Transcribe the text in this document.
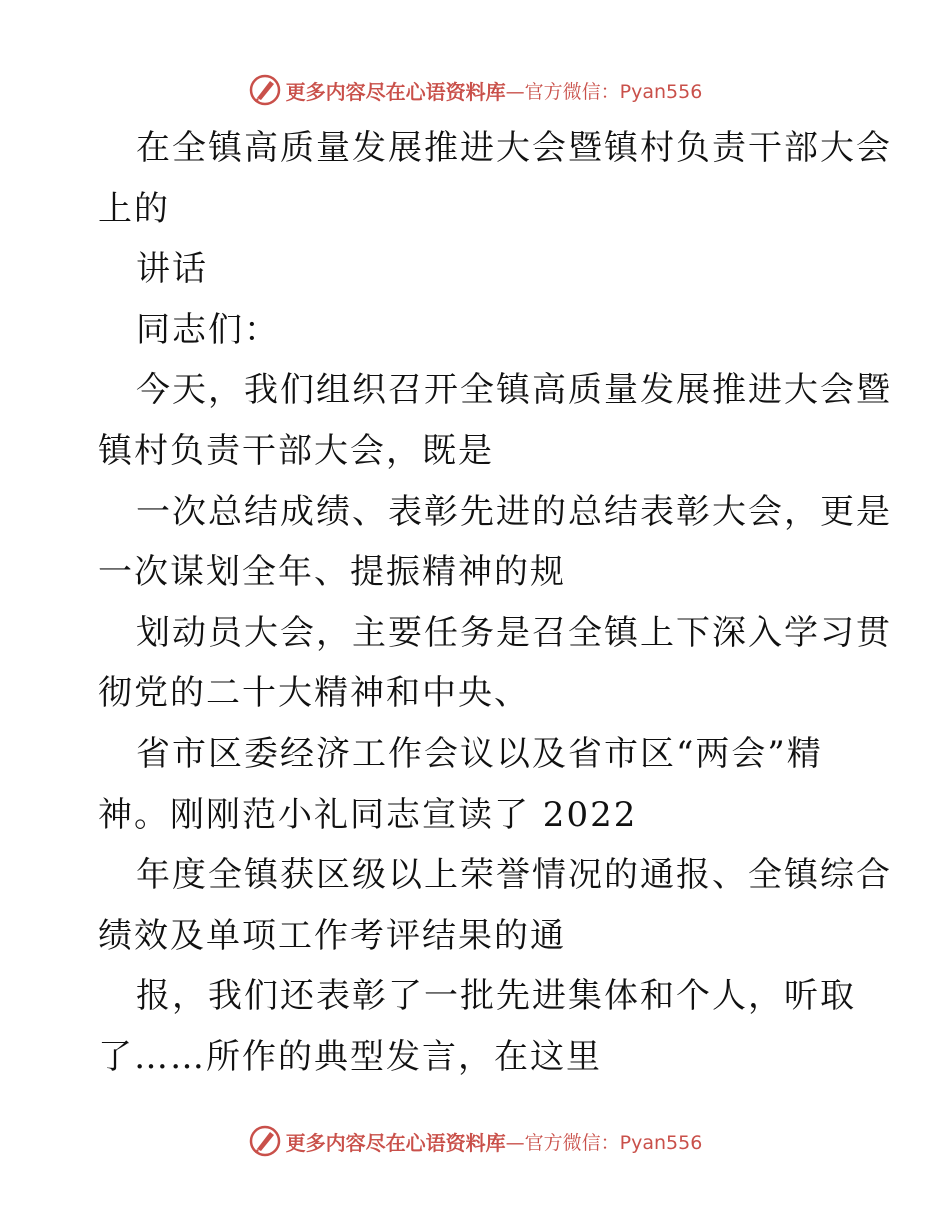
更多内容尽在心语资料库 —官方微信：Pyan556
在全镇高质量发展推进大会暨镇村负责干部大会
上的
讲话
同志们：
今天，我们组织召开全镇高质量发展推进大会暨
镇村负责干部大会，既是
一次总结成绩、表彰先进的总结表彰大会，更是
一次谋划全年、提振精神的规
划动员大会，主要任务是召全镇上下深入学习贯
彻党的二十大精神和中央、
省市区委经济工作会议以及省市区“两会”精
神。刚刚范小礼同志宣读了 2022
年度全镇获区级以上荣誉情况的通报、全镇综合
绩效及单项工作考评结果的通
报，我们还表彰了一批先进集体和个人，听取
了……所作的典型发言，在这里
更多内容尽在心语资料库 —官方微信：Pyan556
